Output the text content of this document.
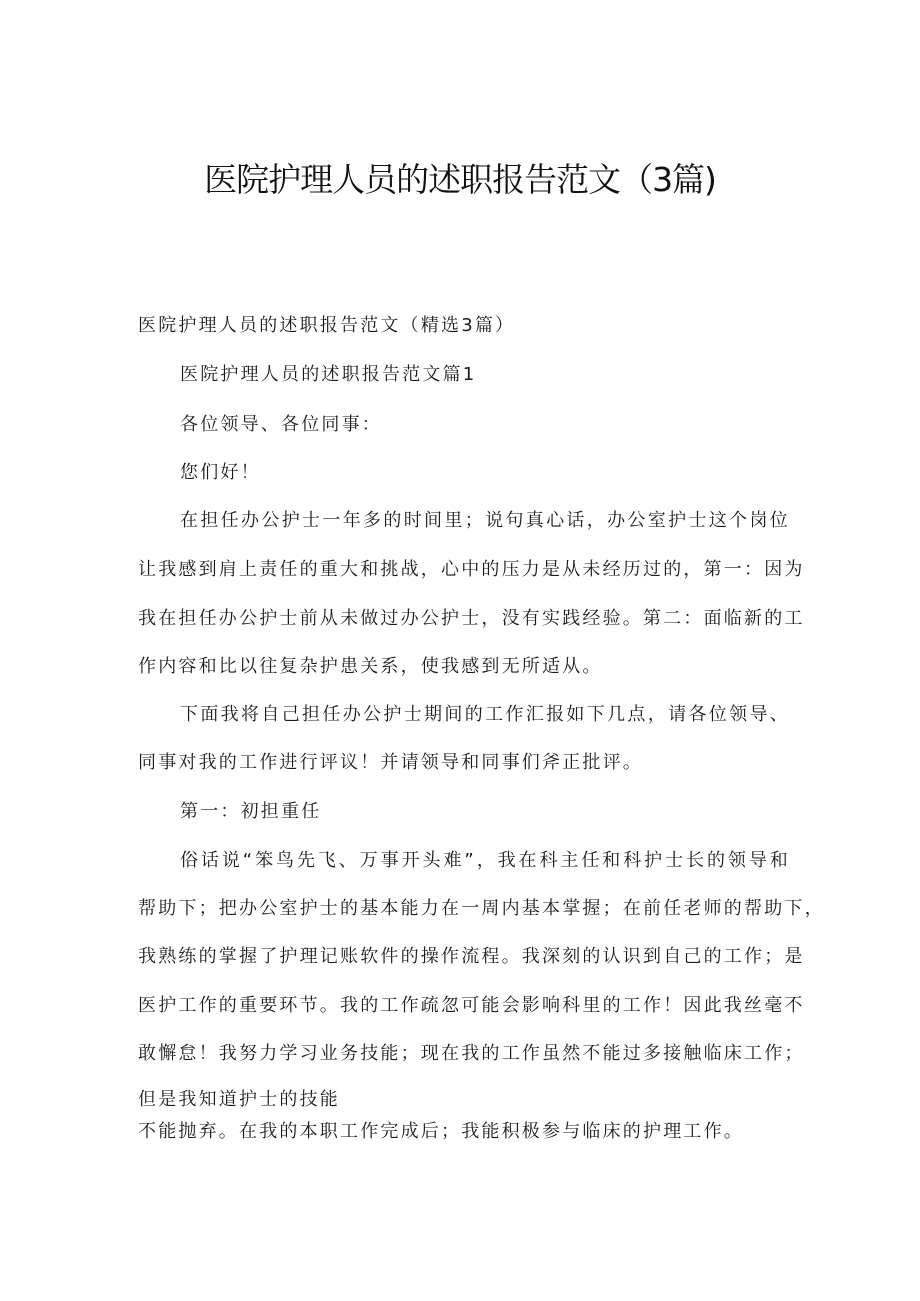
医院护理人员的述职报告范文（3篇)
医院护理人员的述职报告范文（精选3篇）
医院护理人员的述职报告范文篇1
各位领导、各位同事：
您们好！
在担任办公护士一年多的时间里；说句真心话，办公室护士这个岗位
让我感到肩上责任的重大和挑战，心中的压力是从未经历过的，第一：因为
我在担任办公护士前从未做过办公护士，没有实践经验。第二：面临新的工
作内容和比以往复杂护患关系，使我感到无所适从。
下面我将自己担任办公护士期间的工作汇报如下几点，请各位领导、
同事对我的工作进行评议！并请领导和同事们斧正批评。
第一：初担重任
俗话说“笨鸟先飞、万事开头难”，我在科主任和科护士长的领导和
帮助下；把办公室护士的基本能力在一周内基本掌握；在前任老师的帮助下，
我熟练的掌握了护理记账软件的操作流程。我深刻的认识到自己的工作；是
医护工作的重要环节。我的工作疏忽可能会影响科里的工作！因此我丝毫不
敢懈怠！我努力学习业务技能；现在我的工作虽然不能过多接触临床工作；
但是我知道护士的技能
不能抛弃。在我的本职工作完成后；我能积极参与临床的护理工作。
